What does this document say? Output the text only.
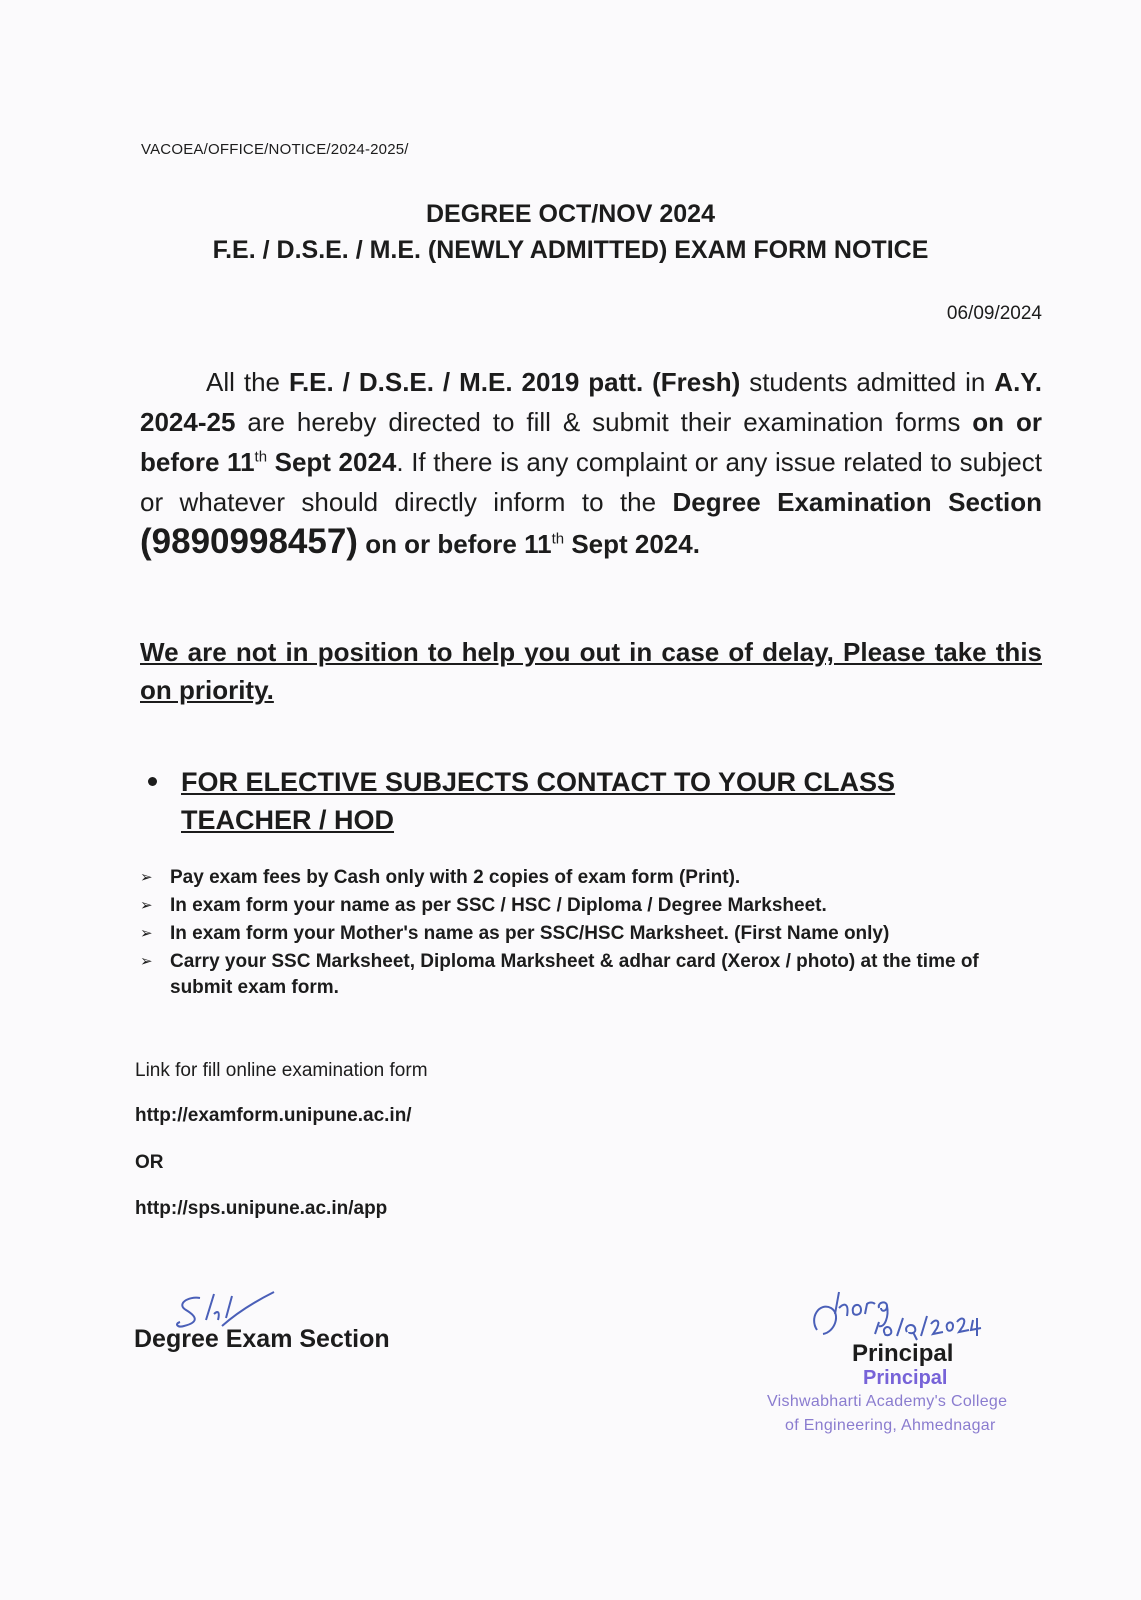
VACOEA/OFFICE/NOTICE/2024-2025/
DEGREE OCT/NOV 2024
F.E. / D.S.E. / M.E. (NEWLY ADMITTED) EXAM FORM NOTICE
06/09/2024
All the F.E. / D.S.E. / M.E. 2019 patt. (Fresh) students admitted in A.Y. 2024-25 are hereby directed to fill & submit their examination forms on or before 11th Sept 2024. If there is any complaint or any issue related to subject or whatever should directly inform to the Degree Examination Section (9890998457) on or before 11th Sept 2024.
We are not in position to help you out in case of delay, Please take this on priority.
FOR ELECTIVE SUBJECTS CONTACT TO YOUR CLASS TEACHER / HOD
➢ Pay exam fees by Cash only with 2 copies of exam form (Print).
➢ In exam form your name as per SSC / HSC / Diploma / Degree Marksheet.
➢ In exam form your Mother's name as per SSC/HSC Marksheet. (First Name only)
➢ Carry your SSC Marksheet, Diploma Marksheet & adhar card (Xerox / photo) at the time of submit exam form.
Link for fill online examination form
http://examform.unipune.ac.in/
OR
http://sps.unipune.ac.in/app
Degree Exam Section
Principal
Principal
Vishwabharti Academy's College
of Engineering, Ahmednagar
